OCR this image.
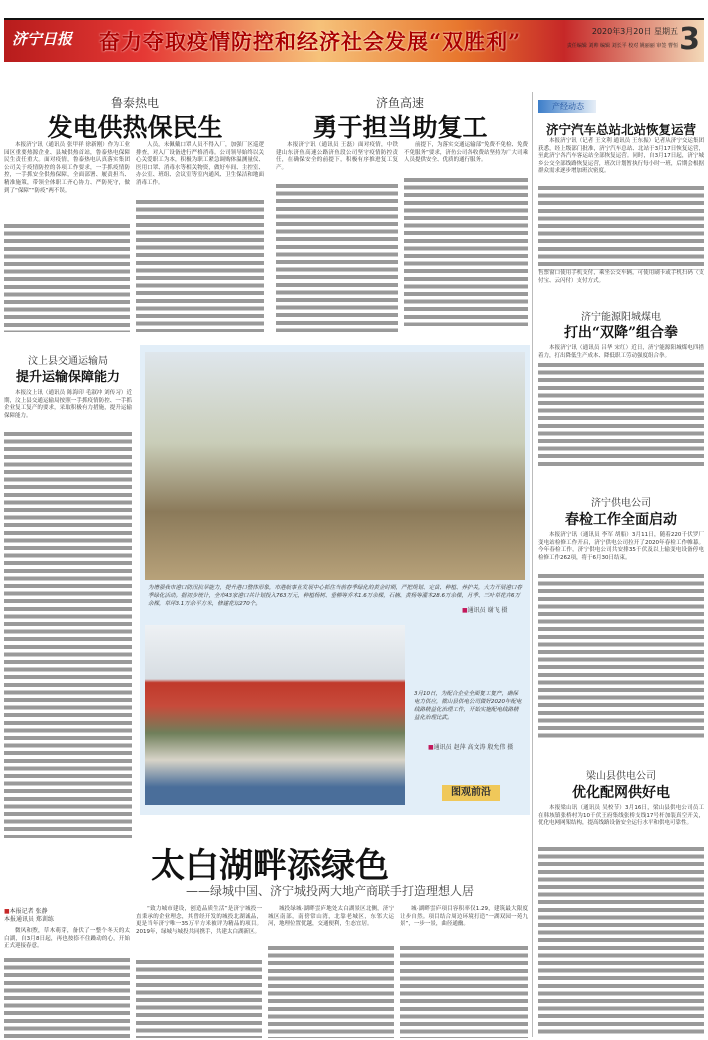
济宁日报 奋力夺取疫情防控和经济社会发展“双胜利”	2020年3月20日 星期五
责任编辑 刘帅 编辑 刘长平 校对 姚丽丽 审签 曹恒 3
鲁泰热电
发电供热保民生
本报济宁讯（通讯员 张甲祥 徐新刚）作为工业园区重要热源企业、县城供热首站，鲁泰热电保障民生责任重大。面对疫情，鲁泰热电认真落实集团公司关于疫情防控的各项工作要求，一手抓疫情防控，一手抓安全供热保障，全面部署、履责担当、精准施策，带领全体职工齐心协力、严防死守，做到了“保障”“防疫”两不误。
人员，未佩戴口罩人员不得入厂，加强厂区巡逻排查，对入厂设备进行严格消毒。公司领导始终以关心关爱职工为本，积极为职工紧急调购体温测量仪、医用口罩、消毒水等相关物资，做好车间、主控室、办公室、班组、会议室等室内通风、卫生保洁和地面消毒工作。
济鱼高速
勇于担当助复工
本报济宁讯（通讯员 王磊）面对疫情，中铁建山东济鱼高速公路济鱼段公司坚守疫情防控责任，在确保安全的前提下，积极有序推进复工复产。
前提下，为落实交通运输部“免费不免检、免费不免服务”要求，济鱼公司各收费站坚持为广大司乘人员提供安全、优质的通行服务。
产经动态
济宁汽车总站北站恢复运营
本报济宁讯（记者 王文利 通讯员 王东振）记者从济宁交运集团获悉，经上级部门批准，济宁汽车总站、北站于3月17日恢复运营，至此济宁各汽车客运站全部恢复运营。同时，自3月17日起，济宁城乡公交全部线路恢复运营，班次计划暂执行每小时一班，后期会根据群众需求逐步增加班次密度。
售票窗口使用手机支付，乘坐公交车辆，可使用刷卡或手机扫码（支付宝、云闪付）支付方式。
济宁能源阳城煤电
打出“双降”组合拳
本报济宁讯（通讯员 吕华 宋红）近日，济宁能源阳城煤电四措着力，打出降低生产成本、降低职工劳动强度组合拳。
济宁供电公司
春检工作全面启动
本报济宁讯（通讯员 李军 胡船）3月11日，随着220千伏罗厂变电站检修工作开启，济宁供电公司拉开了2020年春检工作帷幕。今年春检工作，济宁供电公司共安排35千伏及以上输变电设备停电检修工作262项，将于6月30日结束。
梁山县供电公司
优化配网供好电
本报梁山讯（通讯员 吴校节）3月16日，梁山县供电公司员工在韩垓镇张桥村为10千伏王府集线张桥支线17号杆加装真空开关，优化电网网架结构，提高线路设备安全运行水平和供电可靠性。
汶上县交通运输局
提升运输保障能力
本报汶上讯（通讯员 陈海印 毛淑冲 刘传习）近期，汶上县交通运输局按照一手抓疫情防控、一手抓企业复工复产的要求，采取积极有力措施，提升运输保障能力。
为增强我市港口防汛抗旱能力，提升港口整体形象，市港航事业发展中心抓住当前春季绿化的黄金时期，严把规划、定苗、种植、养护关，大力开展港口春季绿化活动。据初步统计，全市43家港口共计划投入763万元，种植杨树、垂柳等乔木1.6万余棵，石楠、黄杨等灌木28.6万余棵，月季、三叶草花卉6万余棵，草坪3.1万余平方米，修建花坛270个。
■通讯员 谢飞 摄
3月10日，为配合企业全面复工复产，确保电力供应，微山县供电公司做好2020年配电线路精益化治理工作，开始实施配电线路精益化治理比武。
■通讯员 赵萍 高文涛 殷允伟 摄
图观前沿
太白湖畔添绿色
——绿城中国、济宁城投两大地产商联手打造理想人居
■本报记者 张静
本报通讯员 郑训练
微风和煦，草木萌芽，备伏了一整个冬天的太白湖，自3月8日起，再也按捺不住躁动的心，开始正式迎接春意。
“致力城市建设，创造品质生活”是济宁城投一直秉承的企业理念，其曾经开发的城投北湖诚品，更是当年济宁唯一35万平方米被评为精品的项目。2019年，绿城与城投共同携手，共建太白湖新区。
城投绿城·湖畔雲庐地处太白湖景区北侧，济宁城区南部，南傍常山湾，北靠老城区，东邻大运河，地理位置优越，交通便利，生态宜居。
城·湖畔雲庐项目容积率仅1.29，建筑最大限度让步自然。项目结合周边环境打造“一湖双园一苑九景”，一步一景，曲径通幽。
